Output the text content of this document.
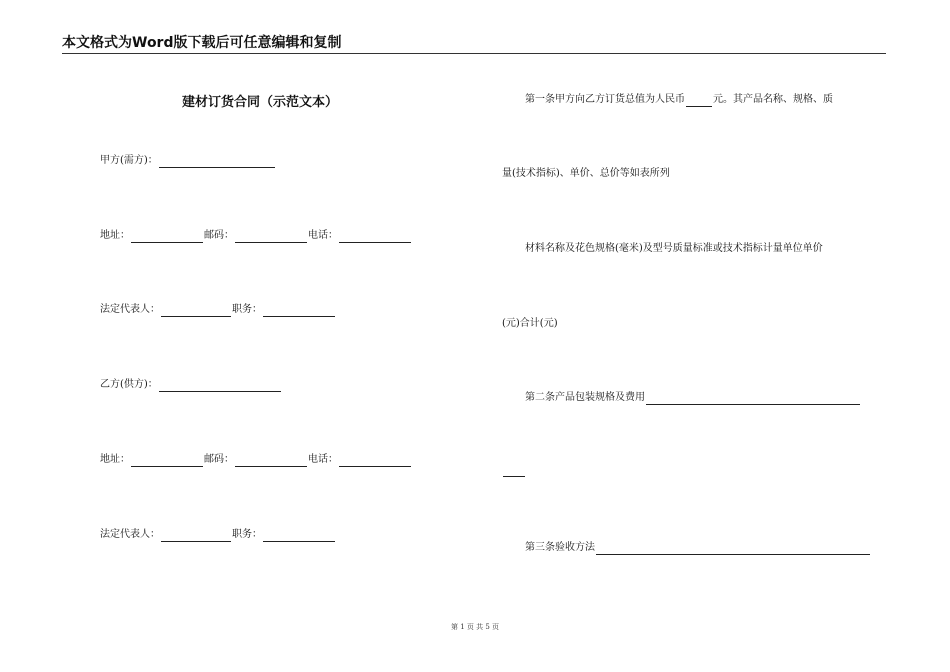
本文格式为Word版下载后可任意编辑和复制
建材订货合同（示范文本）
甲方(需方)：
地址：	邮码：	电话：
法定代表人：	职务：
乙方(供方)：
地址：	邮码：	电话：
法定代表人：	职务：
第一条甲方向乙方订货总值为人民币	元。其产品名称、规格、质
量(技术指标)、单价、总价等如表所列
材料名称及花色规格(毫米)及型号质量标准或技术指标计量单位单价
(元)合计(元)
第二条产品包装规格及费用
第三条验收方法
第 1 页 共 5 页
